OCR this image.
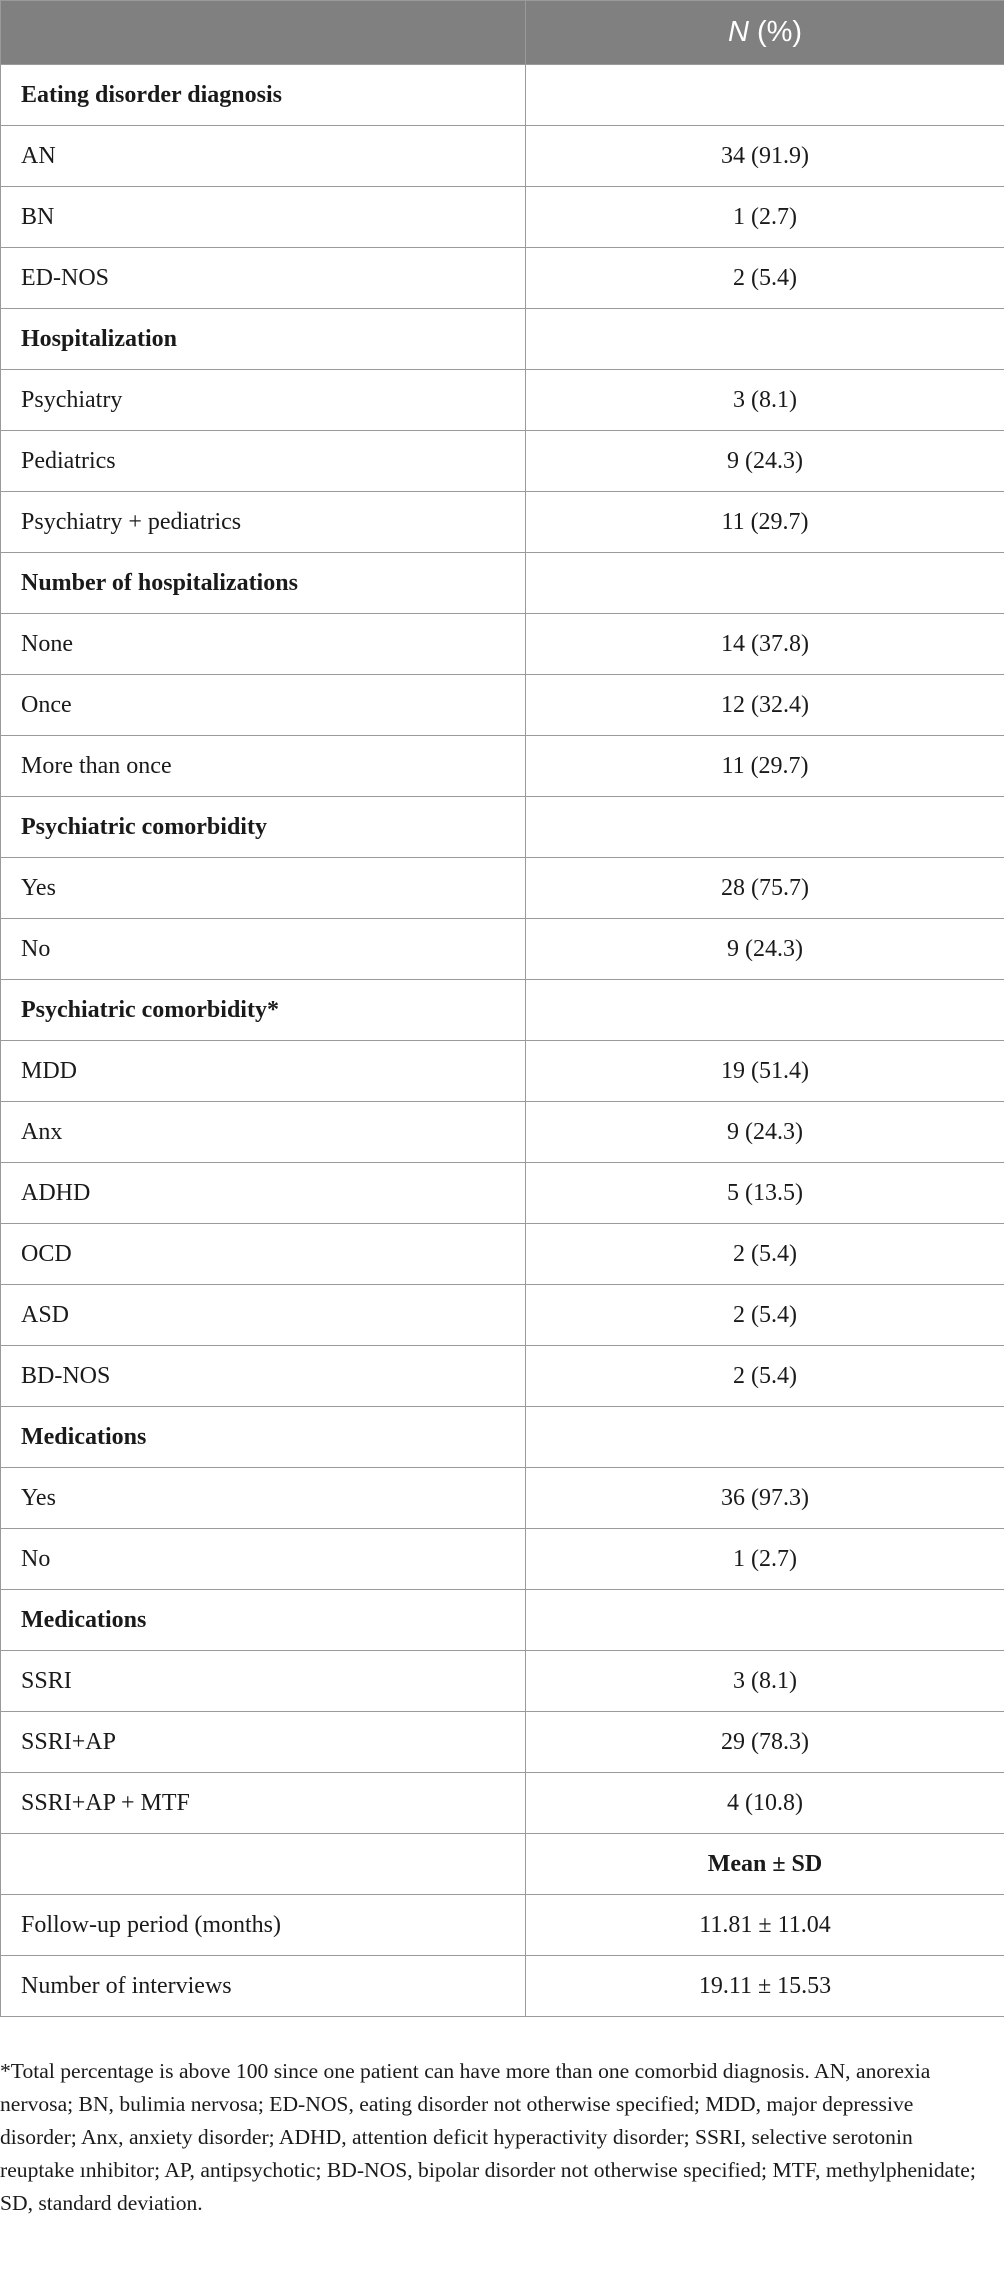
	N (%)
Eating disorder diagnosis	
AN	34 (91.9)
BN	1 (2.7)
ED-NOS	2 (5.4)
Hospitalization	
Psychiatry	3 (8.1)
Pediatrics	9 (24.3)
Psychiatry + pediatrics	11 (29.7)
Number of hospitalizations	
None	14 (37.8)
Once	12 (32.4)
More than once	11 (29.7)
Psychiatric comorbidity	
Yes	28 (75.7)
No	9 (24.3)
Psychiatric comorbidity*	
MDD	19 (51.4)
Anx	9 (24.3)
ADHD	5 (13.5)
OCD	2 (5.4)
ASD	2 (5.4)
BD-NOS	2 (5.4)
Medications	
Yes	36 (97.3)
No	1 (2.7)
Medications	
SSRI	3 (8.1)
SSRI+AP	29 (78.3)
SSRI+AP + MTF	4 (10.8)
	Mean ± SD
Follow-up period (months)	11.81 ± 11.04
Number of interviews	19.11 ± 15.53

*Total percentage is above 100 since one patient can have more than one comorbid diagnosis. AN, anorexia nervosa; BN, bulimia nervosa; ED-NOS, eating disorder not otherwise specified; MDD, major depressive disorder; Anx, anxiety disorder; ADHD, attention deficit hyperactivity disorder; SSRI, selective serotonin reuptake ınhibitor; AP, antipsychotic; BD-NOS, bipolar disorder not otherwise specified; MTF, methylphenidate; SD, standard deviation.
